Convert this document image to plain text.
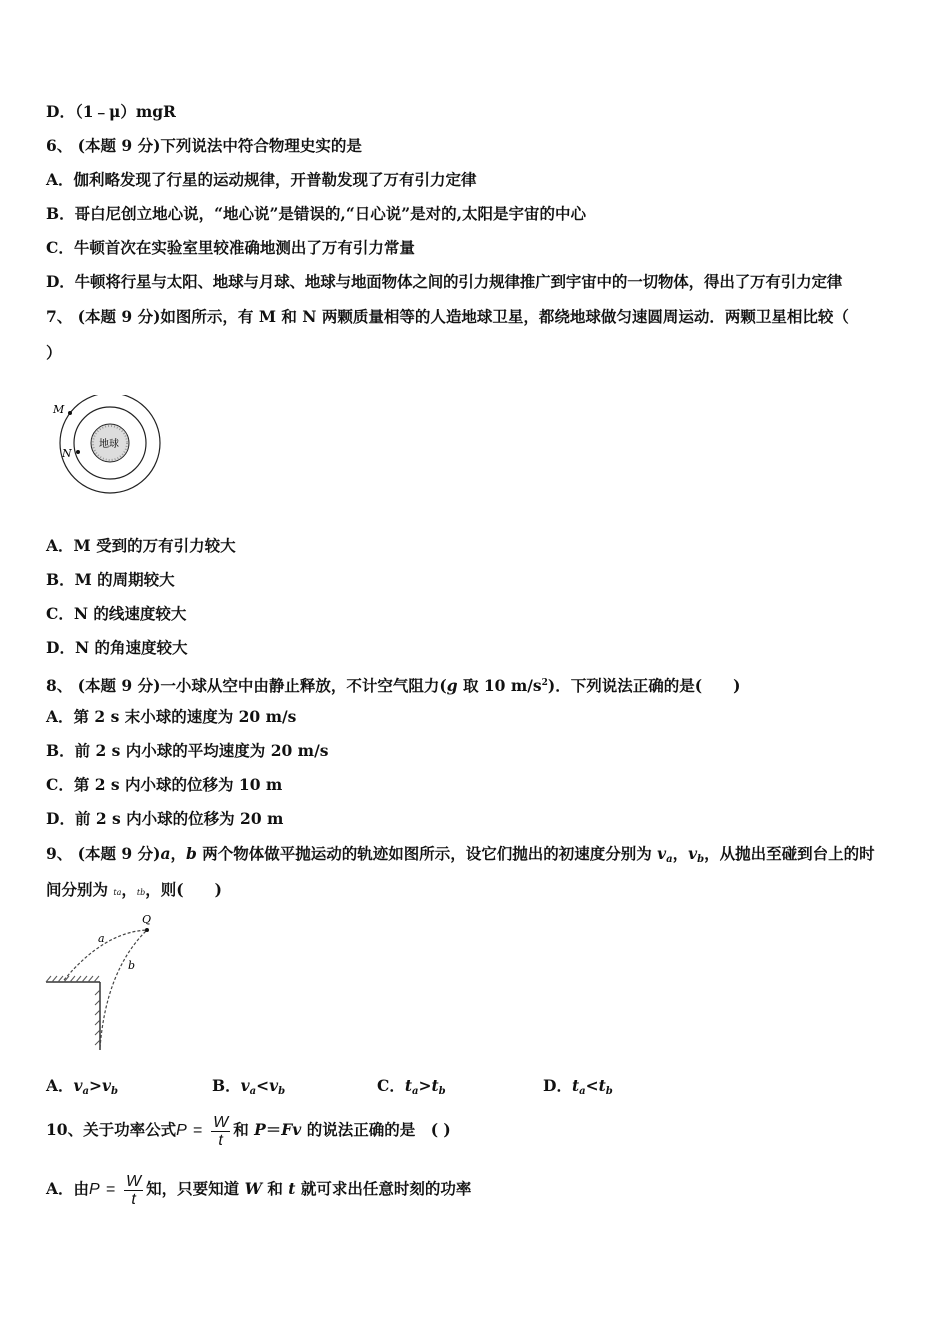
D．（1﹣μ）mgR
6、 (本题 9 分)下列说法中符合物理史实的是
A．伽利略发现了行星的运动规律，开普勒发现了万有引力定律
B．哥白尼创立地心说，“地心说”是错误的,“日心说”是对的,太阳是宇宙的中心
C．牛顿首次在实验室里较准确地测出了万有引力常量
D．牛顿将行星与太阳、地球与月球、地球与地面物体之间的引力规律推广到宇宙中的一切物体，得出了万有引力定律
7、 (本题 9 分)如图所示，有 M 和 N 两颗质量相等的人造地球卫星，都绕地球做匀速圆周运动．两颗卫星相比较（
）
M
N
地球
A．M 受到的万有引力较大
B．M 的周期较大
C．N 的线速度较大
D．N 的角速度较大
8、 (本题 9 分)一小球从空中由静止释放，不计空气阻力(g 取 10 $m/s^2$)．下列说法正确的是(　　)
A．第 2 s 末小球的速度为 20 m/s
B．前 2 s 内小球的平均速度为 20 m/s
C．第 2 s 内小球的位移为 10 m
D．前 2 s 内小球的位移为 20 m
9、 (本题 9 分)a，b 两个物体做平抛运动的轨迹如图所示，设它们抛出的初速度分别为 $v_a$，$v_b$，从抛出至碰到台上的时
间分别为 ta，tb，则(　　)
Q
a
b
A．$v_a>v_b$	B．$v_a<v_b$	C．$t_a>t_b$	D．$t_a<t_b$
10、关于功率公式$P = \frac{W}{t}$ 和 P＝Fv 的说法正确的是　( )
A．由$P = \frac{W}{t}$ 知，只要知道 W 和 t 就可求出任意时刻的功率
